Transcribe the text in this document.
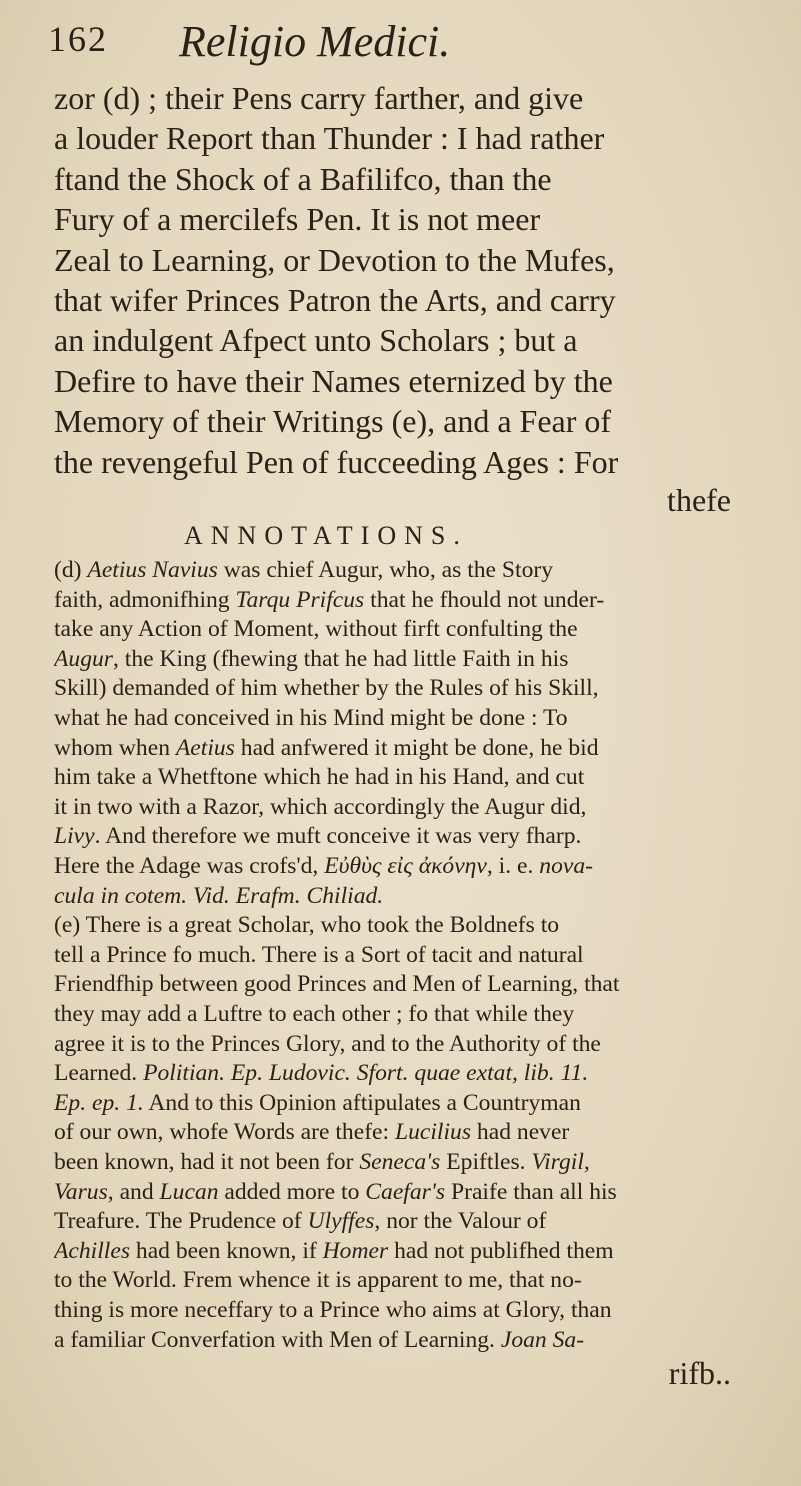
162 Religio Medici.
zor (d) ; their Pens carry farther, and give
a louder Report than Thunder : I had rather
ftand the Shock of a Bafilifco, than the
Fury of a mercilefs Pen. It is not meer
Zeal to Learning, or Devotion to the Mufes,
that wifer Princes Patron the Arts, and carry
an indulgent Afpect unto Scholars ; but a
Defire to have their Names eternized by the
Memory of their Writings (e), and a Fear of
the revengeful Pen of fucceeding Ages : For
thefe
ANNOTATIONS.
(d) Aetius Navius was chief Augur, who, as the Story
faith, admonifhing Tarqu Prifcus that he fhould not under-
take any Action of Moment, without firft confulting the
Augur, the King (fhewing that he had little Faith in his
Skill) demanded of him whether by the Rules of his Skill,
what he had conceived in his Mind might be done : To
whom when Aetius had anfwered it might be done, he bid
him take a Whetftone which he had in his Hand, and cut
it in two with a Razor, which accordingly the Augur did,
Livy. And therefore we muft conceive it was very fharp.
Here the Adage was crofs'd, Εὐθὺς εἰς ἀκόνην, i. e. nova-
cula in cotem. Vid. Erafm. Chiliad.
(e) There is a great Scholar, who took the Boldnefs to
tell a Prince fo much. There is a Sort of tacit and natural
Friendfhip between good Princes and Men of Learning, that
they may add a Luftre to each other ; fo that while they
agree it is to the Princes Glory, and to the Authority of the
Learned. Politian. Ep. Ludovic. Sfort. quae extat, lib. 11.
Ep. ep. 1. And to this Opinion aftipulates a Countryman
of our own, whofe Words are thefe: Lucilius had never
been known, had it not been for Seneca's Epiftles. Virgil,
Varus, and Lucan added more to Caefar's Praife than all his
Treafure. The Prudence of Ulyffes, nor the Valour of
Achilles had been known, if Homer had not publifhed them
to the World. Frem whence it is apparent to me, that no-
thing is more neceffary to a Prince who aims at Glory, than
a familiar Converfation with Men of Learning. Joan Sa-
rifb..
